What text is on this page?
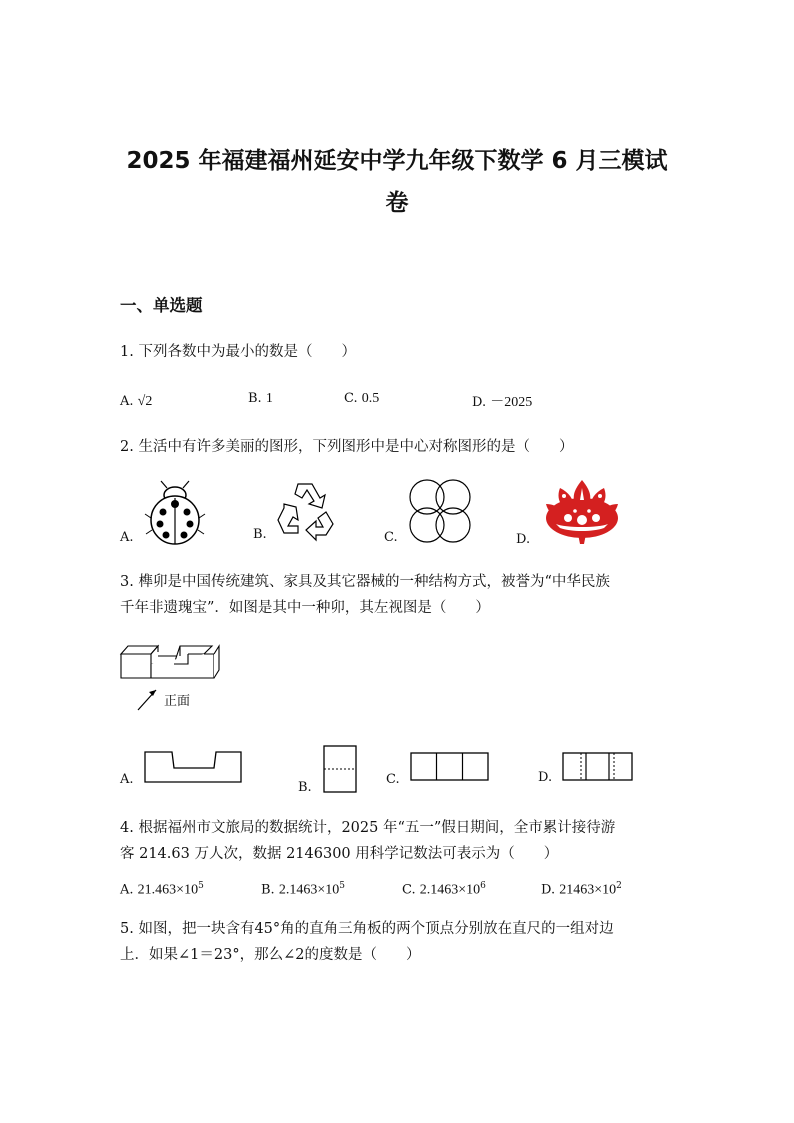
2025 年福建福州延安中学九年级下数学 6 月三模试
卷
一、单选题
1. 下列各数中为最小的数是（　　）
A. √2	B. 1	C. 0.5	D. －2025
2. 生活中有许多美丽的图形，下列图形中是中心对称图形的是（　　）
A.	B.	C.	D.
3. 榫卯是中国传统建筑、家具及其它器械的一种结构方式，被誉为“中华民族
千年非遗瑰宝”．如图是其中一种卯，其左视图是（　　）
正面
A.
B.
C.	D.
4. 根据福州市文旅局的数据统计，2025 年“五一”假日期间，全市累计接待游
客 214.63 万人次，数据 2146300 用科学记数法可表示为（　　）
A. $21.463\times 10^5$	B. $2.1463\times 10^5$	C. $2.1463\times 10^6$	D. $21463\times 10^2$
5. 如图，把一块含有45°角的直角三角板的两个顶点分别放在直尺的一组对边
上．如果∠1＝23°，那么∠2的度数是（　　）
